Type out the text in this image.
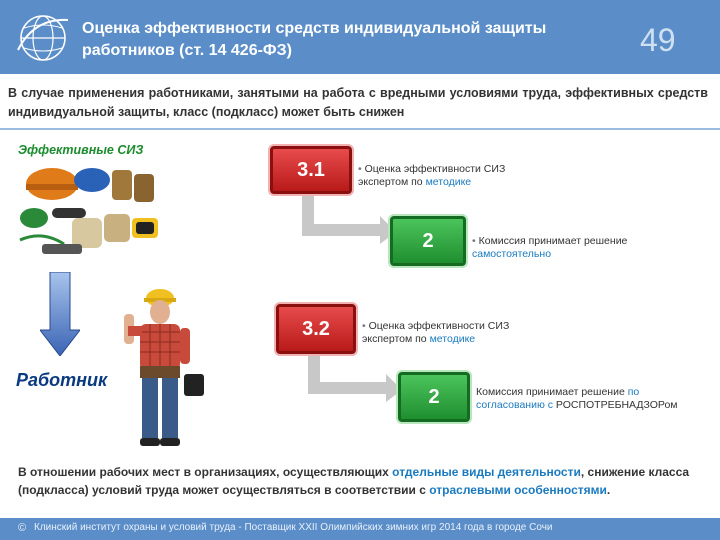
Оценка эффективности средств индивидуальной защиты работников (ст. 14 426-ФЗ)	49
В случае применения работниками, занятыми на работа с вредными условиями труда, эффективных средств индивидуальной защиты, класс (подкласс) может быть снижен
Эффективные СИЗ
Работник
3.1	• Оценка эффективности СИЗ экспертом по методике
2	• Комиссия принимает решение самостоятельно
3.2	• Оценка эффективности СИЗ экспертом по методике
2	Комиссия принимает решение по согласованию с РОСПОТРЕБНАДЗОРом
В отношении рабочих мест в организациях, осуществляющих отдельные виды деятельности, снижение класса (подкласса) условий труда может осуществляться в соответствии с отраслевыми особенностями.
© Клинский институт охраны и условий труда - Поставщик XXII Олимпийских зимних игр 2014 года в городе Сочи
